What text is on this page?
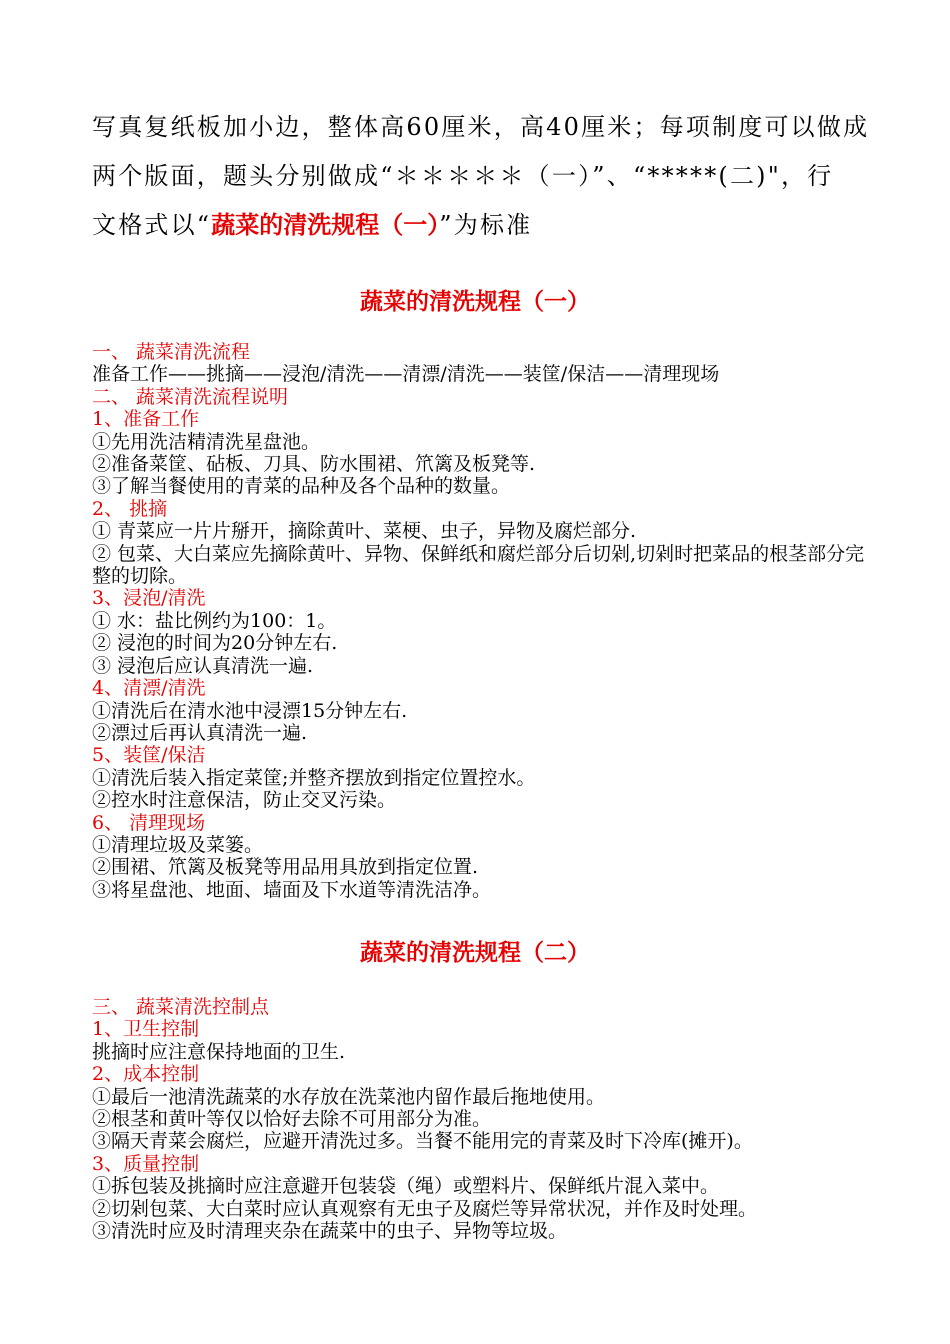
写真复纸板加小边，整体高60厘米，高40厘米；每项制度可以做成
两个版面，题头分别做成“＊＊＊＊＊（一）”、“*****(二)"，行
文格式以“蔬菜的清洗规程（一）”为标准
蔬菜的清洗规程（一）
一、 蔬菜清洗流程
准备工作——挑摘——浸泡/清洗——清漂/清洗——装筐/保洁——清理现场
二、 蔬菜清洗流程说明
1、准备工作
①先用洗洁精清洗星盘池。
②准备菜筐、砧板、刀具、防水围裙、笊篱及板凳等.
③了解当餐使用的青菜的品种及各个品种的数量。
2、 挑摘
① 青菜应一片片掰开，摘除黄叶、菜梗、虫子，异物及腐烂部分.
② 包菜、大白菜应先摘除黄叶、异物、保鲜纸和腐烂部分后切剁,切剁时把菜品的根茎部分完整的切除。
3、浸泡/清洗
① 水：盐比例约为100：1。
② 浸泡的时间为20分钟左右.
③ 浸泡后应认真清洗一遍.
4、清漂/清洗
①清洗后在清水池中浸漂15分钟左右.
②漂过后再认真清洗一遍.
5、装筐/保洁
①清洗后装入指定菜筐;并整齐摆放到指定位置控水。
②控水时注意保洁，防止交叉污染。
6、 清理现场
①清理垃圾及菜篓。
②围裙、笊篱及板凳等用品用具放到指定位置.
③将星盘池、地面、墙面及下水道等清洗洁净。
蔬菜的清洗规程（二）
三、 蔬菜清洗控制点
1、卫生控制
挑摘时应注意保持地面的卫生.
2、成本控制
①最后一池清洗蔬菜的水存放在洗菜池内留作最后拖地使用。
②根茎和黄叶等仅以恰好去除不可用部分为准。
③隔天青菜会腐烂，应避开清洗过多。当餐不能用完的青菜及时下冷库(摊开)。
3、质量控制
①拆包装及挑摘时应注意避开包装袋（绳）或塑料片、保鲜纸片混入菜中。
②切剁包菜、大白菜时应认真观察有无虫子及腐烂等异常状况，并作及时处理。
③清洗时应及时清理夹杂在蔬菜中的虫子、异物等垃圾。
